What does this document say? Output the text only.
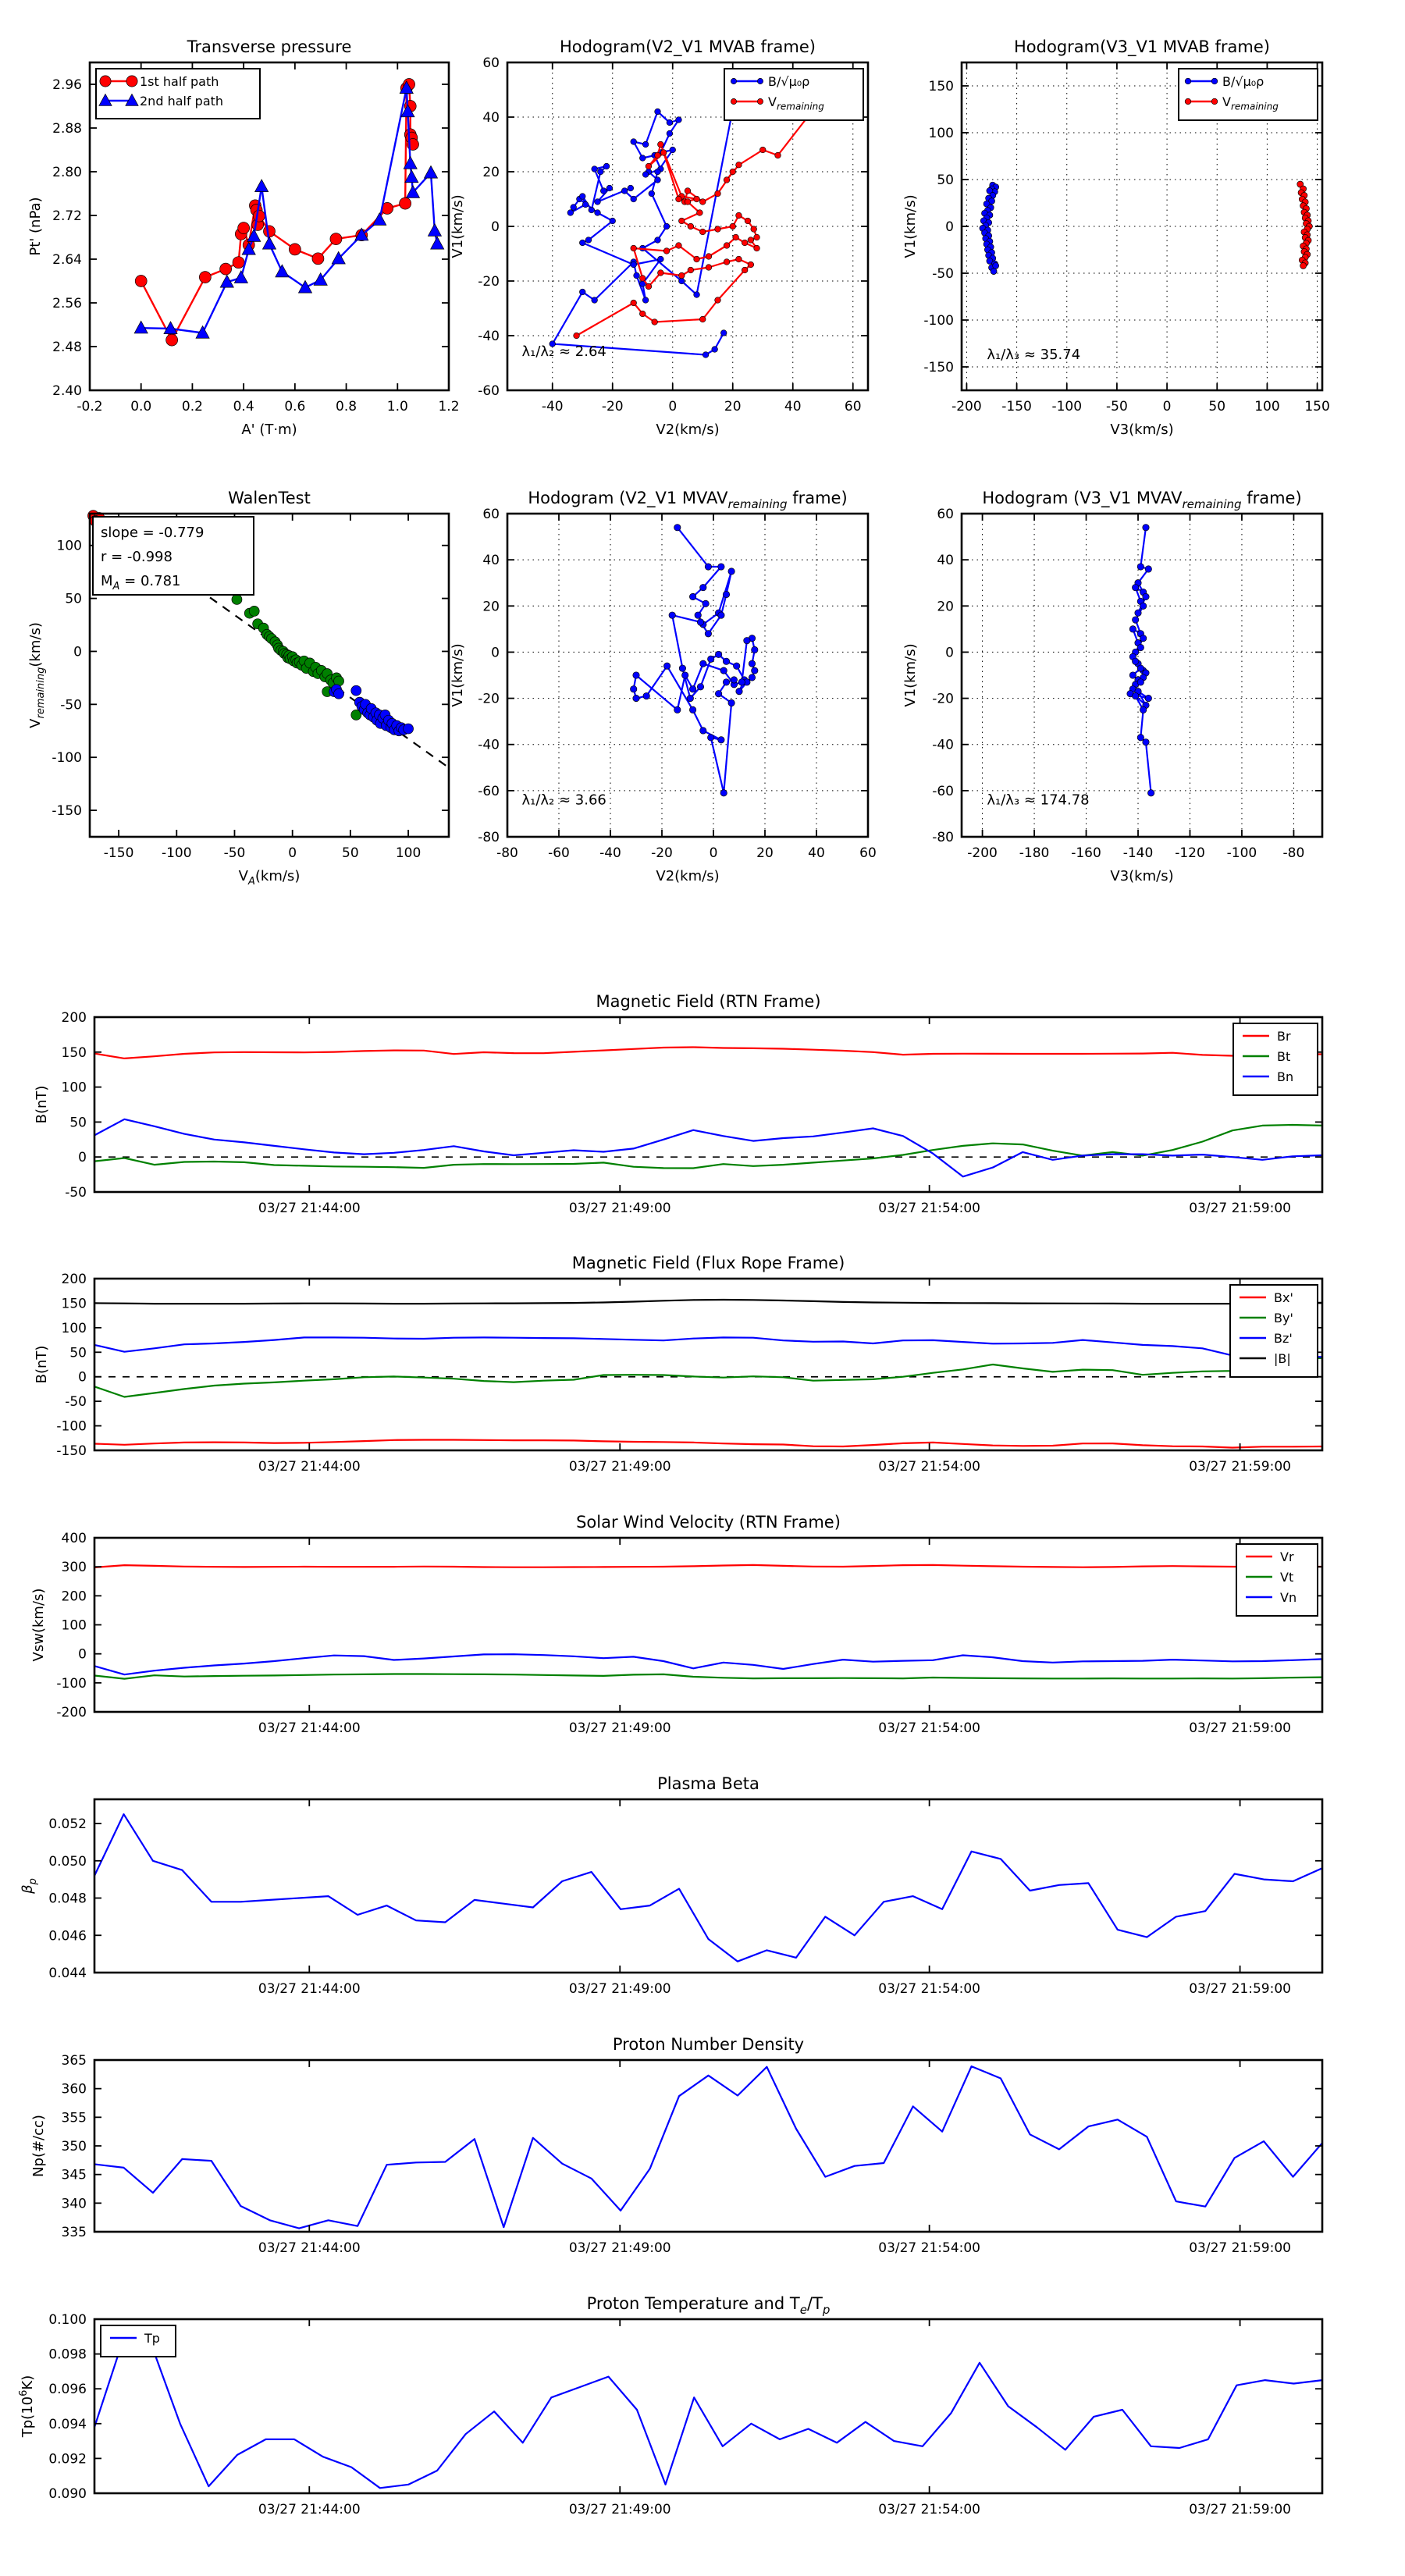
-0.2 0.0 0.2 0.4 0.6 0.8 1.0 1.2
2.40
2.48
2.56
2.64
2.72
2.80
2.88
2.96
Transverse pressure
A' (T·m)
Pt' (nPa)
1st half path
2nd half path
-40	-20	0	20	40	60
-60
-40
-20
0
20
40
60
Hodogram(V2_V1 MVAB frame)
V2(km/s)
V1(km/s)
B/√μ₀ρ
$V_{remaining}$
λ₁/λ₂ ≈ 2.64
-200 -150 -100 -50	0	50 100 150
-150
-100
-50
0
50
100
150
Hodogram(V3_V1 MVAB frame)
V3(km/s)
V1(km/s)
B/√μ₀ρ
$V_{remaining}$
λ₁/λ₃ ≈ 35.74
-150 -100 -50	0	50	100
-150
-100
-50
0
50
100
WalenTest
$V_A(km/s)$
$V_{remaining}(km/s)$
slope = -0.779
r = -0.998
$M_A = 0.781$
-80 -60 -40 -20	0	20	40	60
-80
-60
-40
-20
0
20
40
60
Hodogram (V2_V1 $MVAV_{remaining}$ frame)
V2(km/s)
V1(km/s)
λ₁/λ₂ ≈ 3.66
-200 -180 -160 -140 -120 -100 -80
-80
-60
-40
-20
0
20
40
60
Hodogram (V3_V1 $MVAV_{remaining}$ frame)
V3(km/s)
V1(km/s)
λ₁/λ₃ ≈ 174.78
03/27 21:44:00	03/27 21:49:00	03/27 21:54:00	03/27 21:59:00
-50
0
50
100
150
200
Magnetic Field (RTN Frame)
B(nT)
Br
Bt
Bn
03/27 21:44:00	03/27 21:49:00	03/27 21:54:00	03/27 21:59:00
-150
-100
-50
0
50
100
150
200
Magnetic Field (Flux Rope Frame)
B(nT)
Bx'
By'
Bz'
|B|
03/27 21:44:00	03/27 21:49:00	03/27 21:54:00	03/27 21:59:00
-200
-100
0
100
200
300
400
Solar Wind Velocity (RTN Frame)
Vsw(km/s)
Vr
Vt
Vn
03/27 21:44:00	03/27 21:49:00	03/27 21:54:00	03/27 21:59:00
0.044
0.046
0.048
0.050
0.052
Plasma Beta
$\beta_p$
03/27 21:44:00	03/27 21:49:00	03/27 21:54:00	03/27 21:59:00
335
340
345
350
355
360
365
Proton Number Density
Np(#/cc)
03/27 21:44:00	03/27 21:49:00	03/27 21:54:00	03/27 21:59:00
0.090
0.092
0.094
0.096
0.098
0.100
Proton Temperature and $T_e/T_p$
$Tp(10^6K)$
Tp
